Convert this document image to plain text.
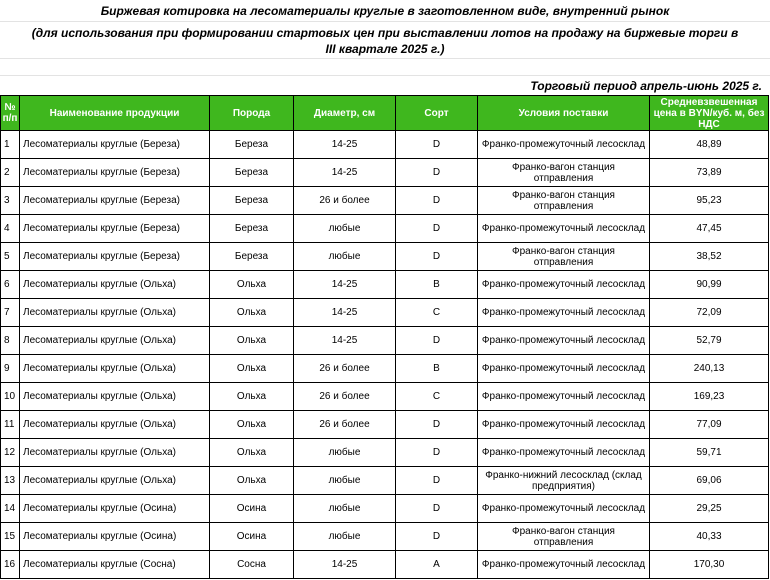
Биржевая котировка на лесоматериалы круглые в заготовленном виде, внутренний рынок
(для использования при формировании стартовых цен при выставлении лотов на продажу на биржевые торги в
III квартале 2025 г.)
Торговый период апрель-июнь 2025 г.
№ п/п	Наименование продукции	Порода	Диаметр, см	Сорт	Условия поставки	Средневзвешенная цена в BYN/куб. м, без НДС
1	Лесоматериалы круглые (Береза)	Береза	14-25	D	Франко-промежуточный лесосклад	48,89
2	Лесоматериалы круглые (Береза)	Береза	14-25	D	Франко-вагон станция отправления	73,89
3	Лесоматериалы круглые (Береза)	Береза	26 и более	D	Франко-вагон станция отправления	95,23
4	Лесоматериалы круглые (Береза)	Береза	любые	D	Франко-промежуточный лесосклад	47,45
5	Лесоматериалы круглые (Береза)	Береза	любые	D	Франко-вагон станция отправления	38,52
6	Лесоматериалы круглые (Ольха)	Ольха	14-25	B	Франко-промежуточный лесосклад	90,99
7	Лесоматериалы круглые (Ольха)	Ольха	14-25	C	Франко-промежуточный лесосклад	72,09
8	Лесоматериалы круглые (Ольха)	Ольха	14-25	D	Франко-промежуточный лесосклад	52,79
9	Лесоматериалы круглые (Ольха)	Ольха	26 и более	B	Франко-промежуточный лесосклад	240,13
10	Лесоматериалы круглые (Ольха)	Ольха	26 и более	C	Франко-промежуточный лесосклад	169,23
11	Лесоматериалы круглые (Ольха)	Ольха	26 и более	D	Франко-промежуточный лесосклад	77,09
12	Лесоматериалы круглые (Ольха)	Ольха	любые	D	Франко-промежуточный лесосклад	59,71
13	Лесоматериалы круглые (Ольха)	Ольха	любые	D	Франко-нижний лесосклад (склад предприятия)	69,06
14	Лесоматериалы круглые (Осина)	Осина	любые	D	Франко-промежуточный лесосклад	29,25
15	Лесоматериалы круглые (Осина)	Осина	любые	D	Франко-вагон станция отправления	40,33
16	Лесоматериалы круглые (Сосна)	Сосна	14-25	A	Франко-промежуточный лесосклад	170,30
